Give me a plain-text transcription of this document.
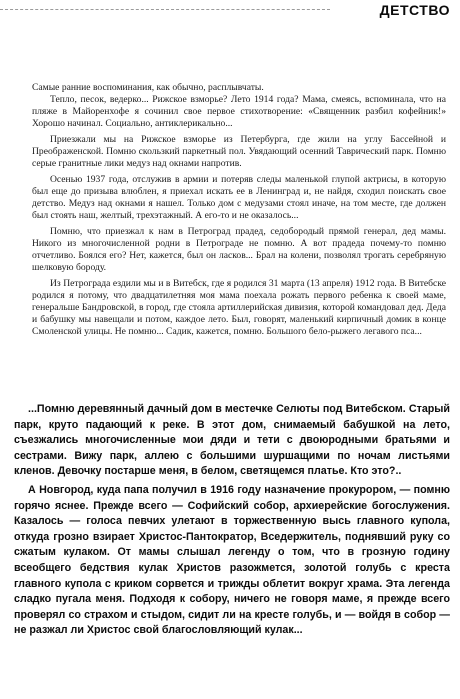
ДЕТСТВО

Самые ранние воспоминания, как обычно, расплывчаты.

Тепло, песок, ведерко... Рижское взморье? Лето 1914 года? Мама, смеясь, вспоминала, что на пляже в Майоренхофе я сочинил свое первое стихотворение: «Священник разбил кофейник!» Хорошо начинал. Социально, антиклерикально...

Приезжали мы на Рижское взморье из Петербурга, где жили на углу Бассейной и Преображенской. Помню скользкий паркетный пол. Увядающий осенний Таврический парк. Помню серые гранитные лики медуз над окнами напротив.

Осенью 1937 года, отслужив в армии и потеряв следы маленькой глупой актрисы, в которую был еще до призыва влюблен, я приехал искать ее в Ленинград и, не найдя, сходил поискать свое детство. Медуз над окнами я нашел. Только дом с медузами стоял иначе, на том месте, где должен был стоять наш, желтый, трехэтажный. А его-то и не оказалось...

Помню, что приезжал к нам в Петроград прадед, седобородый прямой генерал, дед мамы. Никого из многочисленной родни в Петрограде не помню. А вот прадеда почему-то помню отчетливо. Боялся его? Нет, кажется, был он ласков... Брал на колени, позволял трогать серебряную шелковую бороду.

Из Петрограда ездили мы и в Витебск, где я родился 31 марта (13 апреля) 1912 года. В Витебске родился я потому, что двадцатилетняя моя мама поехала рожать первого ребенка к своей маме, генеральше Бандровской, в город, где стояла артиллерийская дивизия, которой командовал дед. Деда и бабушку мы навещали и потом, каждое лето. Был, говорят, маленький кирпичный домик в конце Смоленской улицы. Не помню... Садик, кажется, помню. Большого бело-рыжего легавого пса...

...Помню деревянный дачный дом в местечке Селюты под Витебском. Старый парк, круто падающий к реке. В этот дом, снимаемый бабушкой на лето, съезжались многочисленные мои дяди и тети с двоюродными братьями и сестрами. Вижу парк, аллею с большими шуршащими по ночам листьями кленов. Девочку постарше меня, в белом, светящемся платье. Кто это?..

А Новгород, куда папа получил в 1916 году назначение прокурором, — помню горячо яснее. Прежде всего — Софийский собор, архиерейские богослужения. Казалось — голоса певчих улетают в торжественную высь главного купола, откуда грозно взирает Христос-Пантократор, Вседержитель, поднявший руку со сжатым кулаком. От мамы слышал легенду о том, что в грозную годину всеобщего бедствия кулак Христов разожмется, золотой голубь с креста главного купола с криком сорвется и трижды облетит вокруг храма. Эта легенда сладко пугала меня. Подходя к собору, ничего не говоря маме, я прежде всего проверял со страхом и стыдом, сидит ли на кресте голубь, и — войдя в собор — не разжал ли Христос свой благословляющий кулак...
